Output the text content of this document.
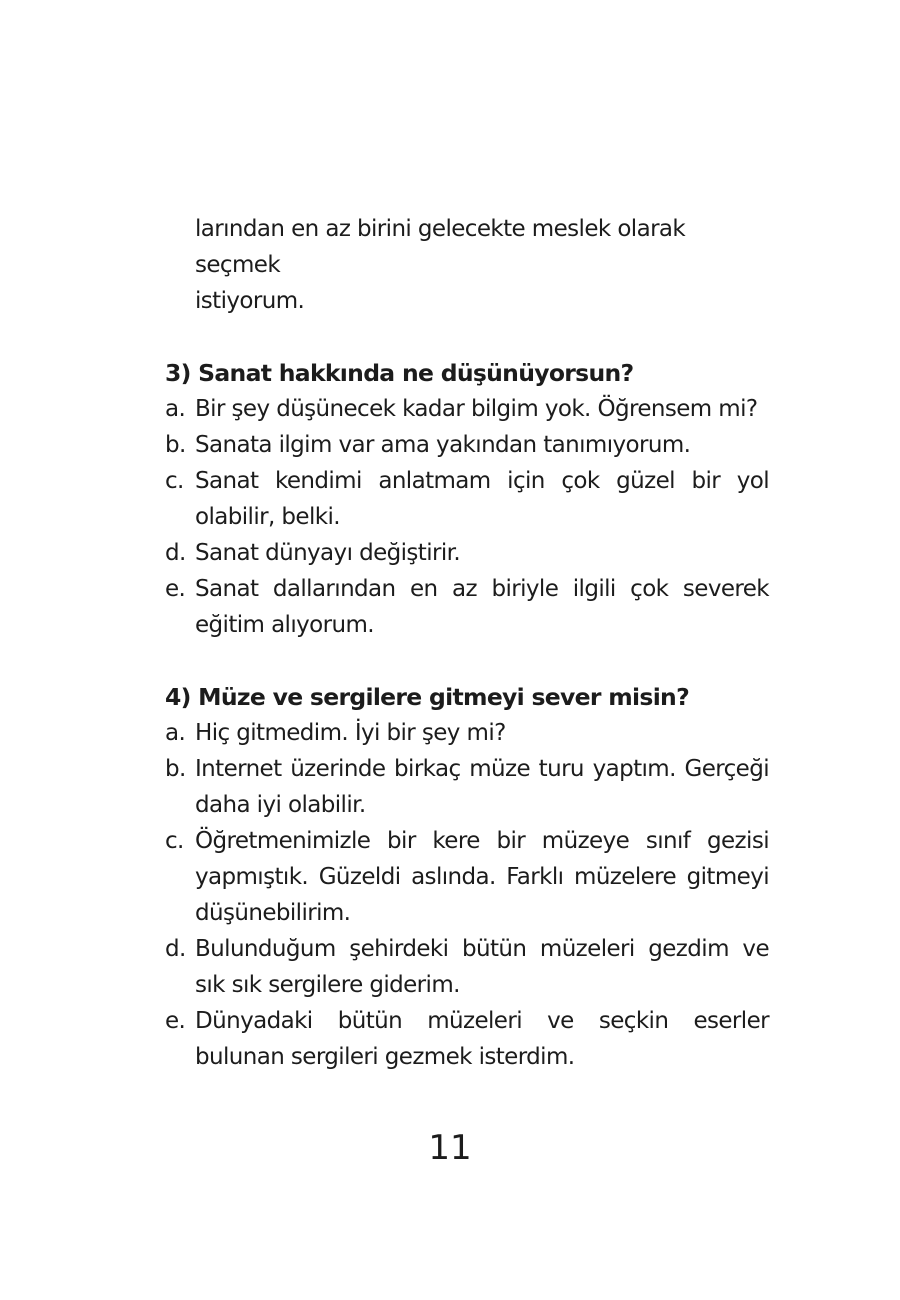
larından en az birini gelecekte meslek olarak seçmek
istiyorum.
3) Sanat hakkında ne düşünüyorsun?
a. Bir şey düşünecek kadar bilgim yok. Öğrensem mi?
b. Sanata ilgim var ama yakından tanımıyorum.
c. Sanat kendimi anlatmam için çok güzel bir yol olabilir, belki.
d. Sanat dünyayı değiştirir.
e. Sanat dallarından en az biriyle ilgili çok severek eğitim alıyorum.
4) Müze ve sergilere gitmeyi sever misin?
a. Hiç gitmedim. İyi bir şey mi?
b. Internet üzerinde birkaç müze turu yaptım. Gerçeği daha iyi olabilir.
c. Öğretmenimizle bir kere bir müzeye sınıf gezisi yapmıştık. Güzeldi aslında. Farklı müzelere gitmeyi düşünebilirim.
d. Bulunduğum şehirdeki bütün müzeleri gezdim ve sık sık sergilere giderim.
e. Dünyadaki bütün müzeleri ve seçkin eserler bulunan sergileri gezmek isterdim.
11
